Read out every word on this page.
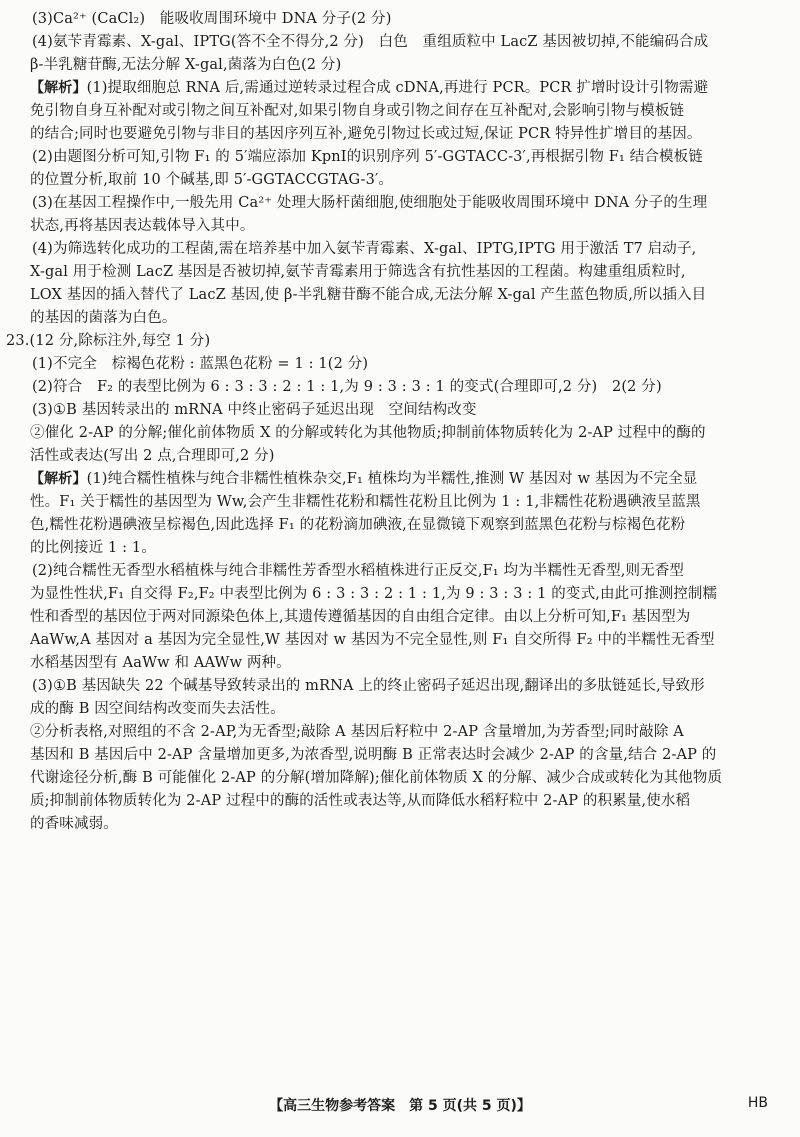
(3)Ca²⁺ (CaCl₂)　能吸收周围环境中 DNA 分子(2 分)
(4)氨苄青霉素、X-gal、IPTG(答不全不得分,2 分)　白色　重组质粒中 LacZ 基因被切掉,不能编码合成
β-半乳糖苷酶,无法分解 X-gal,菌落为白色(2 分)
【解析】(1)提取细胞总 RNA 后,需通过逆转录过程合成 cDNA,再进行 PCR。PCR 扩增时设计引物需避
免引物自身互补配对或引物之间互补配对,如果引物自身或引物之间存在互补配对,会影响引物与模板链
的结合;同时也要避免引物与非目的基因序列互补,避免引物过长或过短,保证 PCR 特异性扩增目的基因。
(2)由题图分析可知,引物 F₁ 的 5′端应添加 KpnⅠ的识别序列 5′-GGTACC-3′,再根据引物 F₁ 结合模板链
的位置分析,取前 10 个碱基,即 5′-GGTACCGTAG-3′。
(3)在基因工程操作中,一般先用 Ca²⁺ 处理大肠杆菌细胞,使细胞处于能吸收周围环境中 DNA 分子的生理
状态,再将基因表达载体导入其中。
(4)为筛选转化成功的工程菌,需在培养基中加入氨苄青霉素、X-gal、IPTG,IPTG 用于激活 T7 启动子,
X-gal 用于检测 LacZ 基因是否被切掉,氨苄青霉素用于筛选含有抗性基因的工程菌。构建重组质粒时,
LOX 基因的插入替代了 LacZ 基因,使 β-半乳糖苷酶不能合成,无法分解 X-gal 产生蓝色物质,所以插入目
的基因的菌落为白色。
23.(12 分,除标注外,每空 1 分)
(1)不完全　棕褐色花粉 : 蓝黑色花粉 = 1 : 1(2 分)
(2)符合　F₂ 的表型比例为 6 : 3 : 3 : 2 : 1 : 1,为 9 : 3 : 3 : 1 的变式(合理即可,2 分)　2(2 分)
(3)①B 基因转录出的 mRNA 中终止密码子延迟出现　空间结构改变
②催化 2-AP 的分解;催化前体物质 X 的分解或转化为其他物质;抑制前体物质转化为 2-AP 过程中的酶的
活性或表达(写出 2 点,合理即可,2 分)
【解析】(1)纯合糯性植株与纯合非糯性植株杂交,F₁ 植株均为半糯性,推测 W 基因对 w 基因为不完全显
性。F₁ 关于糯性的基因型为 Ww,会产生非糯性花粉和糯性花粉且比例为 1 : 1,非糯性花粉遇碘液呈蓝黑
色,糯性花粉遇碘液呈棕褐色,因此选择 F₁ 的花粉滴加碘液,在显微镜下观察到蓝黑色花粉与棕褐色花粉
的比例接近 1 : 1。
(2)纯合糯性无香型水稻植株与纯合非糯性芳香型水稻植株进行正反交,F₁ 均为半糯性无香型,则无香型
为显性性状,F₁ 自交得 F₂,F₂ 中表型比例为 6 : 3 : 3 : 2 : 1 : 1,为 9 : 3 : 3 : 1 的变式,由此可推测控制糯
性和香型的基因位于两对同源染色体上,其遗传遵循基因的自由组合定律。由以上分析可知,F₁ 基因型为
AaWw,A 基因对 a 基因为完全显性,W 基因对 w 基因为不完全显性,则 F₁ 自交所得 F₂ 中的半糯性无香型
水稻基因型有 AaWw 和 AAWw 两种。
(3)①B 基因缺失 22 个碱基导致转录出的 mRNA 上的终止密码子延迟出现,翻译出的多肽链延长,导致形
成的酶 B 因空间结构改变而失去活性。
②分析表格,对照组的不含 2-AP,为无香型;敲除 A 基因后籽粒中 2-AP 含量增加,为芳香型;同时敲除 A
基因和 B 基因后中 2-AP 含量增加更多,为浓香型,说明酶 B 正常表达时会减少 2-AP 的含量,结合 2-AP 的
代谢途径分析,酶 B 可能催化 2-AP 的分解(增加降解);催化前体物质 X 的分解、减少合成或转化为其他物质
质;抑制前体物质转化为 2-AP 过程中的酶的活性或表达等,从而降低水稻籽粒中 2-AP 的积累量,使水稻
的香味减弱。
【高三生物参考答案　第 5 页(共 5 页)】	HB
